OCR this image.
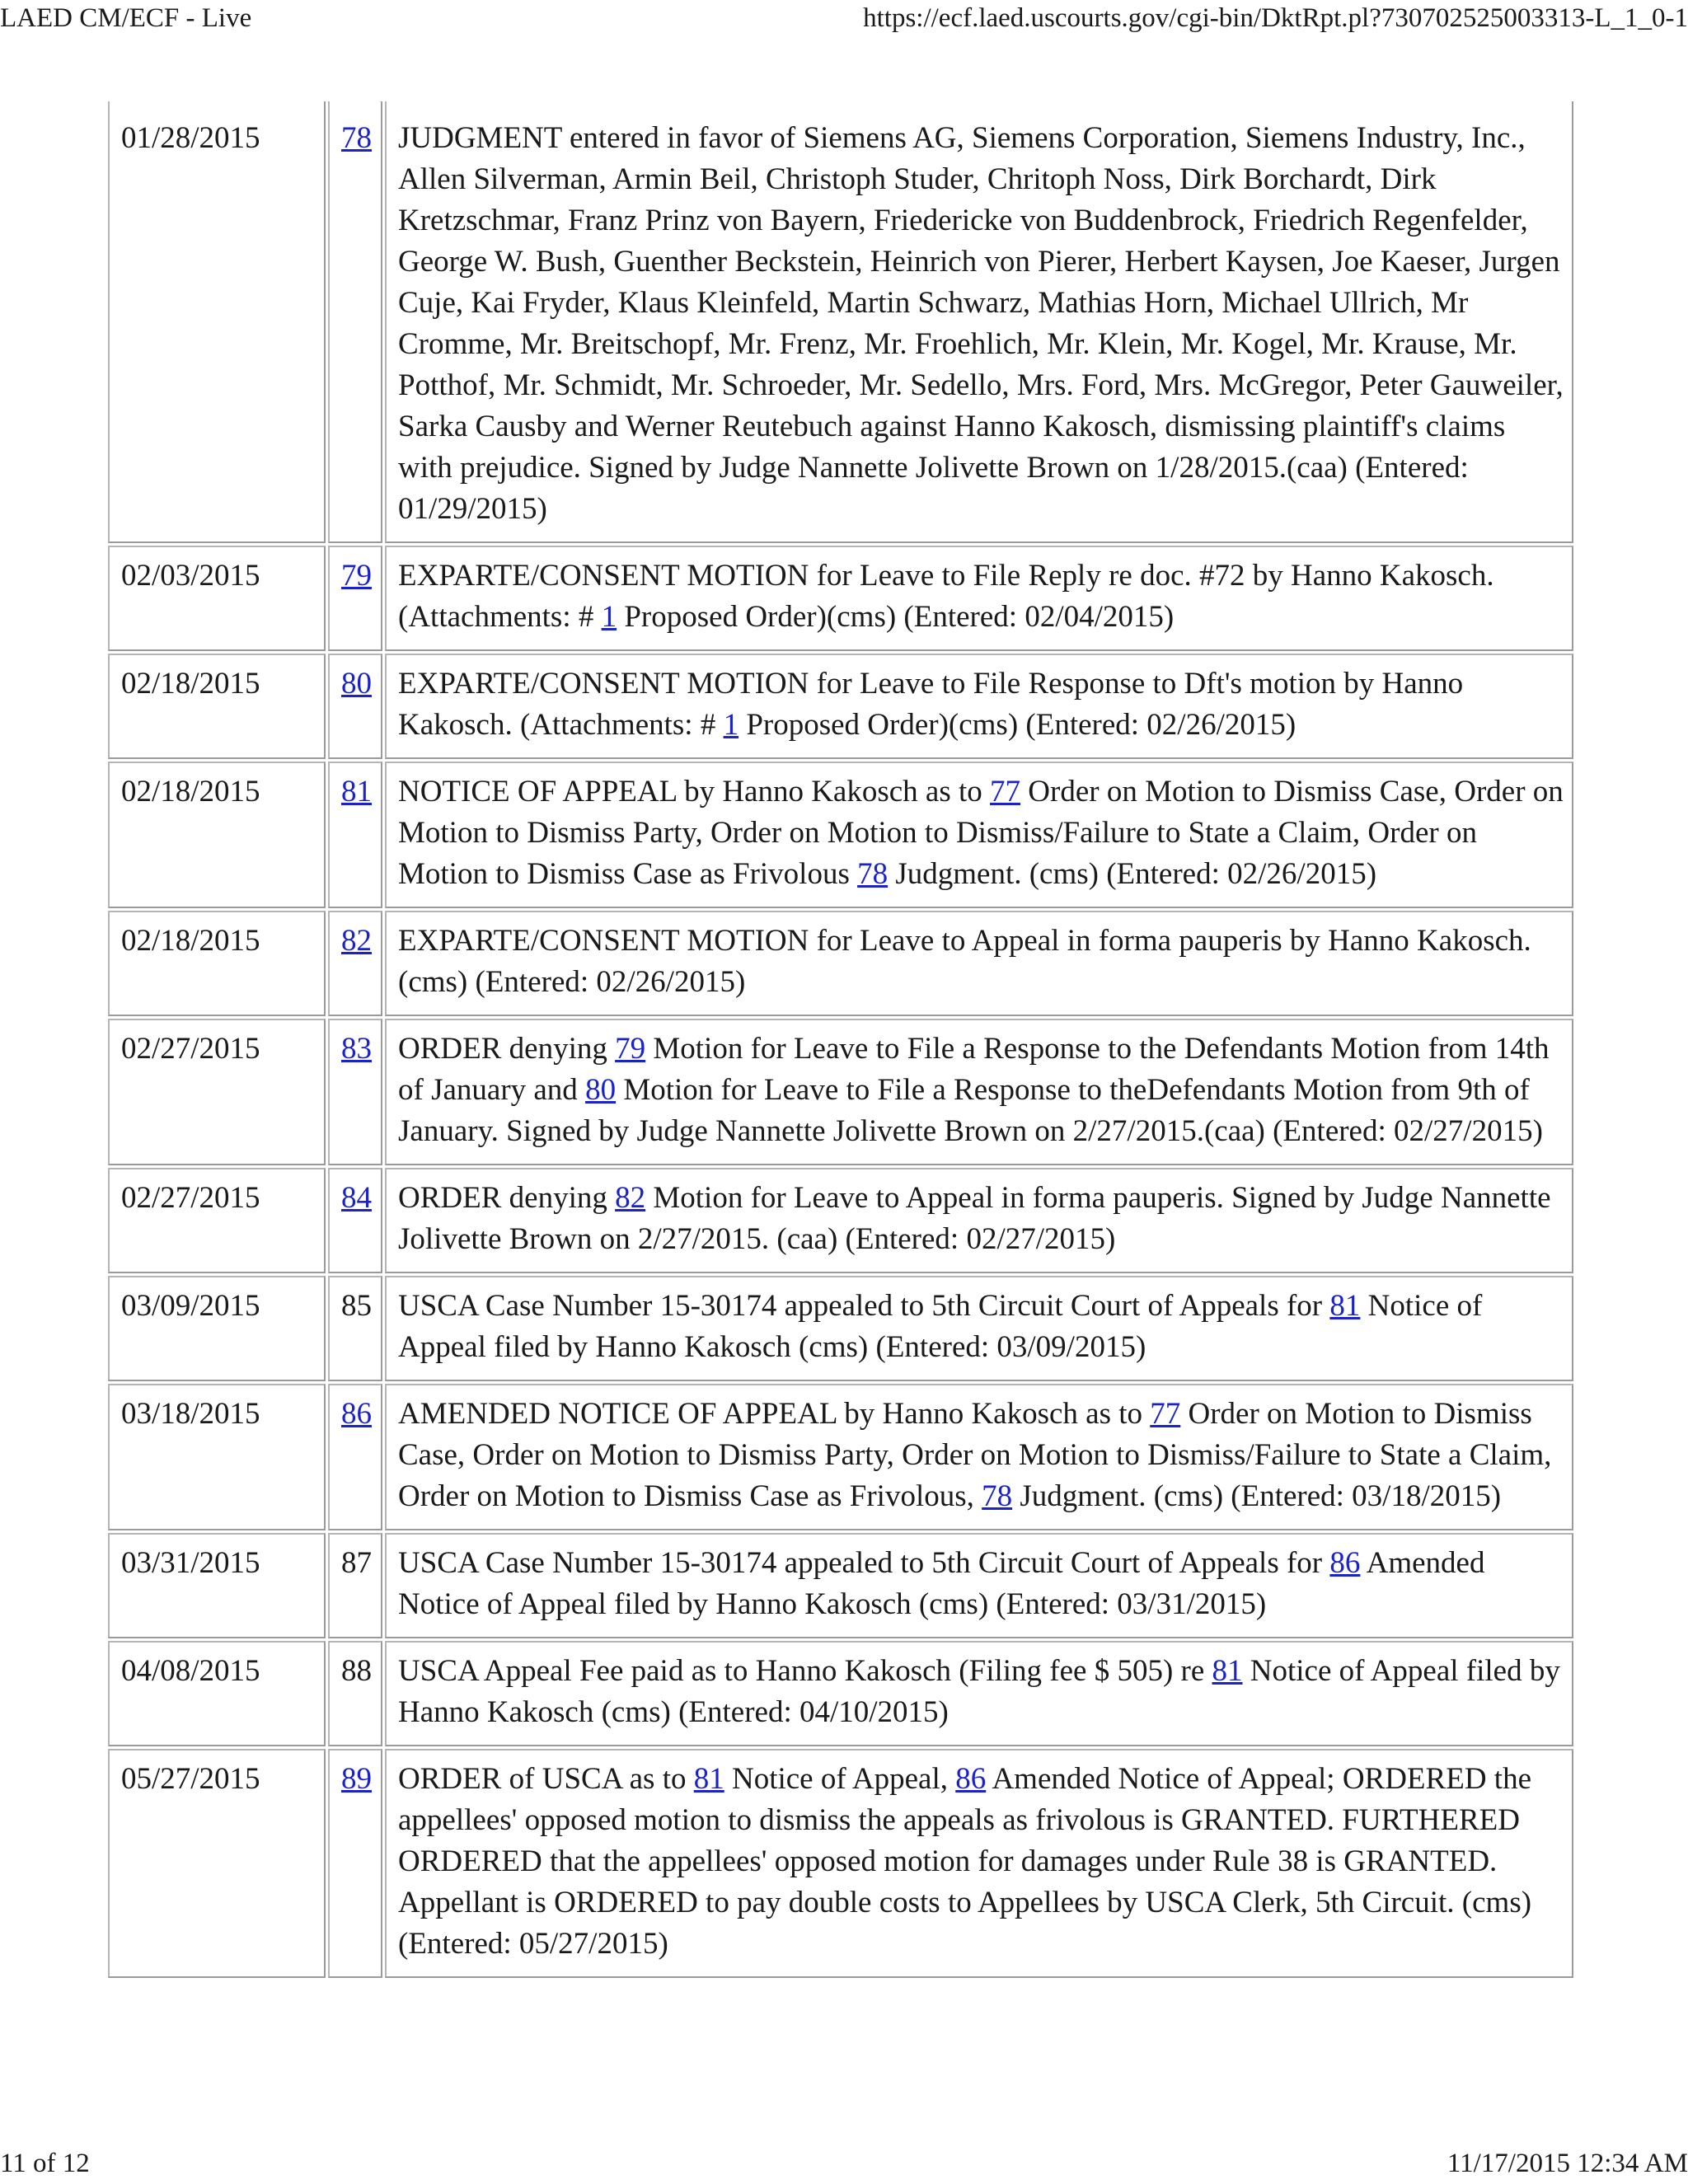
LAED CM/ECF - Live	https://ecf.laed.uscourts.gov/cgi-bin/DktRpt.pl?730702525003313-L_1_0-1
01/28/2015	78	JUDGMENT entered in favor of Siemens AG, Siemens Corporation, Siemens Industry, Inc., Allen Silverman, Armin Beil, Christoph Studer, Chritoph Noss, Dirk Borchardt, Dirk Kretzschmar, Franz Prinz von Bayern, Friedericke von Buddenbrock, Friedrich Regenfelder, George W. Bush, Guenther Beckstein, Heinrich von Pierer, Herbert Kaysen, Joe Kaeser, Jurgen Cuje, Kai Fryder, Klaus Kleinfeld, Martin Schwarz, Mathias Horn, Michael Ullrich, Mr Cromme, Mr. Breitschopf, Mr. Frenz, Mr. Froehlich, Mr. Klein, Mr. Kogel, Mr. Krause, Mr. Potthof, Mr. Schmidt, Mr. Schroeder, Mr. Sedello, Mrs. Ford, Mrs. McGregor, Peter Gauweiler, Sarka Causby and Werner Reutebuch against Hanno Kakosch, dismissing plaintiff's claims with prejudice. Signed by Judge Nannette Jolivette Brown on 1/28/2015.(caa) (Entered: 01/29/2015)
02/03/2015	79	EXPARTE/CONSENT MOTION for Leave to File Reply re doc. #72 by Hanno Kakosch. (Attachments: # 1 Proposed Order)(cms) (Entered: 02/04/2015)
02/18/2015	80	EXPARTE/CONSENT MOTION for Leave to File Response to Dft's motion by Hanno Kakosch. (Attachments: # 1 Proposed Order)(cms) (Entered: 02/26/2015)
02/18/2015	81	NOTICE OF APPEAL by Hanno Kakosch as to 77 Order on Motion to Dismiss Case, Order on Motion to Dismiss Party, Order on Motion to Dismiss/Failure to State a Claim, Order on Motion to Dismiss Case as Frivolous 78 Judgment. (cms) (Entered: 02/26/2015)
02/18/2015	82	EXPARTE/CONSENT MOTION for Leave to Appeal in forma pauperis by Hanno Kakosch. (cms) (Entered: 02/26/2015)
02/27/2015	83	ORDER denying 79 Motion for Leave to File a Response to the Defendants Motion from 14th of January and 80 Motion for Leave to File a Response to theDefendants Motion from 9th of January. Signed by Judge Nannette Jolivette Brown on 2/27/2015.(caa) (Entered: 02/27/2015)
02/27/2015	84	ORDER denying 82 Motion for Leave to Appeal in forma pauperis. Signed by Judge Nannette Jolivette Brown on 2/27/2015. (caa) (Entered: 02/27/2015)
03/09/2015	85	USCA Case Number 15-30174 appealed to 5th Circuit Court of Appeals for 81 Notice of Appeal filed by Hanno Kakosch (cms) (Entered: 03/09/2015)
03/18/2015	86	AMENDED NOTICE OF APPEAL by Hanno Kakosch as to 77 Order on Motion to Dismiss Case, Order on Motion to Dismiss Party, Order on Motion to Dismiss/Failure to State a Claim, Order on Motion to Dismiss Case as Frivolous, 78 Judgment. (cms) (Entered: 03/18/2015)
03/31/2015	87	USCA Case Number 15-30174 appealed to 5th Circuit Court of Appeals for 86 Amended Notice of Appeal filed by Hanno Kakosch (cms) (Entered: 03/31/2015)
04/08/2015	88	USCA Appeal Fee paid as to Hanno Kakosch (Filing fee $ 505) re 81 Notice of Appeal filed by Hanno Kakosch (cms) (Entered: 04/10/2015)
05/27/2015	89	ORDER of USCA as to 81 Notice of Appeal, 86 Amended Notice of Appeal; ORDERED the appellees' opposed motion to dismiss the appeals as frivolous is GRANTED. FURTHERED ORDERED that the appellees' opposed motion for damages under Rule 38 is GRANTED. Appellant is ORDERED to pay double costs to Appellees by USCA Clerk, 5th Circuit. (cms) (Entered: 05/27/2015)
11 of 12	11/17/2015 12:34 AM
